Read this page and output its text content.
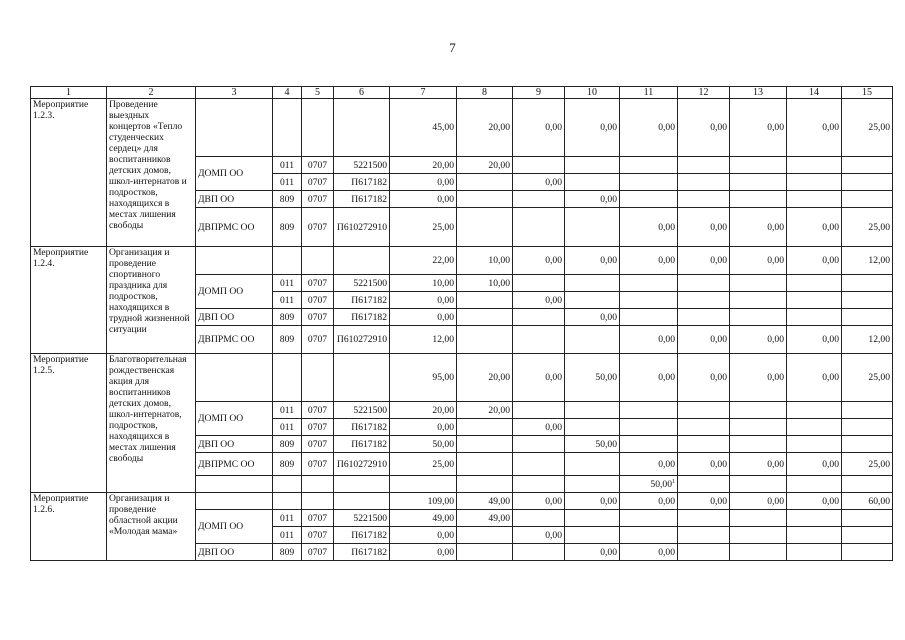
7
1	2	3	4	5	6	7	8	9	10	11	12	13	14	15
Мероприятие 1.2.3.	Проведение выездных концертов «Тепло студенческих сердец» для воспитанников детских домов, школ-интернатов и подростков, находящихся в местах лишения свободы					45,00	20,00	0,00	0,00	0,00	0,00	0,00	0,00	25,00
		ДОМП ОО	011	0707	5221500	20,00	20,00							
			011	0707	П617182	0,00		0,00						
		ДВП ОО	809	0707	П617182	0,00			0,00					
		ДВПРМС ОО	809	0707	П610272910	25,00				0,00	0,00	0,00	0,00	25,00
Мероприятие 1.2.4.	Организация и проведение спортивного праздника для подростков, находящихся в трудной жизненной ситуации					22,00	10,00	0,00	0,00	0,00	0,00	0,00	0,00	12,00
		ДОМП ОО	011	0707	5221500	10,00	10,00							
			011	0707	П617182	0,00		0,00						
		ДВП ОО	809	0707	П617182	0,00			0,00					
		ДВПРМС ОО	809	0707	П610272910	12,00				0,00	0,00	0,00	0,00	12,00
Мероприятие 1.2.5.	Благотворительная рождественская акция для воспитанников детских домов, школ-интернатов, подростков, находящихся в местах лишения свободы					95,00	20,00	0,00	50,00	0,00	0,00	0,00	0,00	25,00
		ДОМП ОО	011	0707	5221500	20,00	20,00							
			011	0707	П617182	0,00		0,00						
		ДВП ОО	809	0707	П617182	50,00			50,00					
		ДВПРМС ОО	809	0707	П610272910	25,00				0,00	0,00	0,00	0,00	25,00
										50,00$^1$				
Мероприятие 1.2.6.	Организация и проведение областной акции «Молодая мама»					109,00	49,00	0,00	0,00	0,00	0,00	0,00	0,00	60,00
		ДОМП ОО	011	0707	5221500	49,00	49,00							
			011	0707	П617182	0,00		0,00						
		ДВП ОО	809	0707	П617182	0,00			0,00	0,00				
